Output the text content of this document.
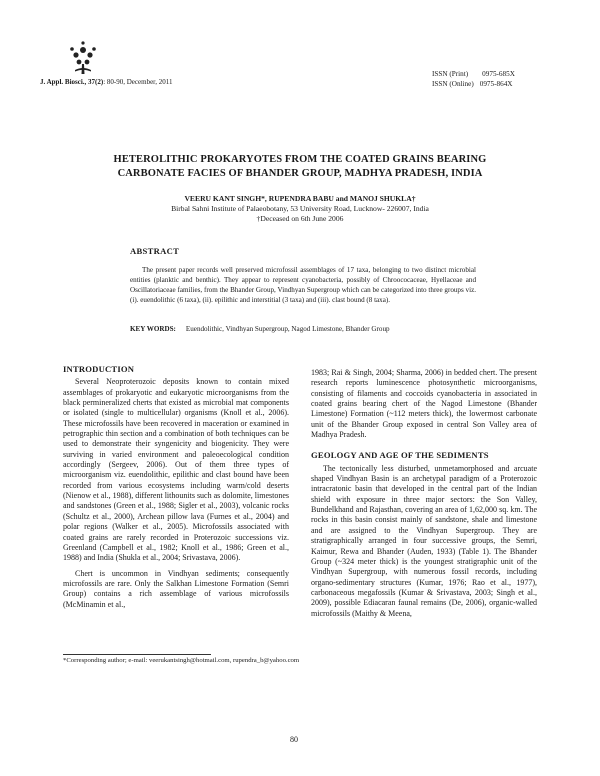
J. Appl. Biosci., 37(2): 80-90, December, 2011
ISSN (Print) 0975-685X
ISSN (Online) 0975-864X
HETEROLITHIC PROKARYOTES FROM THE COATED GRAINS BEARING
CARBONATE FACIES OF BHANDER GROUP, MADHYA PRADESH, INDIA
VEERU KANT SINGH*, RUPENDRA BABU and MANOJ SHUKLA†
Birbal Sahni Institute of Palaeobotany, 53 University Road, Lucknow- 226007, India
†Deceased on 6th June 2006
ABSTRACT
The present paper records well preserved microfossil assemblages of 17 taxa, belonging to two distinct microbial entities (planktic and benthic). They appear to represent cyanobacteria, possibly of Chroococaceae, Hyellaceae and Oscillatoriaceae families, from the Bhander Group, Vindhyan Supergroup which can be categorized into three groups viz. (i). euendolithic (6 taxa), (ii). epilithic and interstitial (3 taxa) and (iii). clast bound (8 taxa).
KEY WORDS: Euendolithic, Vindhyan Supergroup, Nagod Limestone, Bhander Group
INTRODUCTION

Several Neoproterozoic deposits known to contain mixed assemblages of prokaryotic and eukaryotic microorganisms from the black permineralized cherts that existed as microbial mat components or isolated (single to multicellular) organisms (Knoll et al., 2006). These microfossils have been recovered in maceration or examined in petrographic thin section and a combination of both techniques can be used to demonstrate their syngenicity and biogenicity. They were surviving in varied environment and paleoecological condition accordingly (Sergeev, 2006). Out of them three types of microorganism viz. euendolithic, epilithic and clast bound have been recorded from various ecosystems including warm/cold deserts (Nienow et al., 1988), different lithounits such as dolomite, limestones and sandstones (Green et al., 1988; Sigler et al., 2003), volcanic rocks (Schultz et al., 2000), Archean pillow lava (Furnes et al., 2004) and polar regions (Walker et al., 2005). Microfossils associated with coated grains are rarely recorded in Proterozoic successions viz. Greenland (Campbell et al., 1982; Knoll et al., 1986; Green et al., 1988) and India (Shukla et al., 2004; Srivastava, 2006).

Chert is uncommon in Vindhyan sediments; consequently microfossils are rare. Only the Salkhan Limestone Formation (Semri Group) contains a rich assemblage of various microfossils (McMinamin et al.,

1983; Rai & Singh, 2004; Sharma, 2006) in bedded chert. The present research reports luminescence photosynthetic microorganisms, consisting of filaments and coccoids cyanobacteria in associated in coated grains bearing chert of the Nagod Limestone (Bhander Limestone) Formation (~112 meters thick), the lowermost carbonate unit of the Bhander Group exposed in central Son Valley area of Madhya Pradesh.

GEOLOGY AND AGE OF THE SEDIMENTS

The tectonically less disturbed, unmetamorphosed and arcuate shaped Vindhyan Basin is an archetypal paradigm of a Proterozoic intracratonic basin that developed in the central part of the Indian shield with exposure in three major sectors: the Son Valley, Bundelkhand and Rajasthan, covering an area of 1,62,000 sq. km. The rocks in this basin consist mainly of sandstone, shale and limestone and are assigned to the Vindhyan Supergroup. They are stratigraphically arranged in four successive groups, the Semri, Kaimur, Rewa and Bhander (Auden, 1933) (Table 1). The Bhander Group (~324 meter thick) is the youngest stratigraphic unit of the Vindhyan Supergroup, with numerous fossil records, including organo-sedimentary structures (Kumar, 1976; Rao et al., 1977), carbonaceous megafossils (Kumar & Srivastava, 2003; Singh et al., 2009), possible Ediacaran faunal remains (De, 2006), organic-walled microfossils (Maithy & Meena,

*Corresponding author; e-mail: veerukantsingh@hotmail.com, rupendra_b@yahoo.com
80
